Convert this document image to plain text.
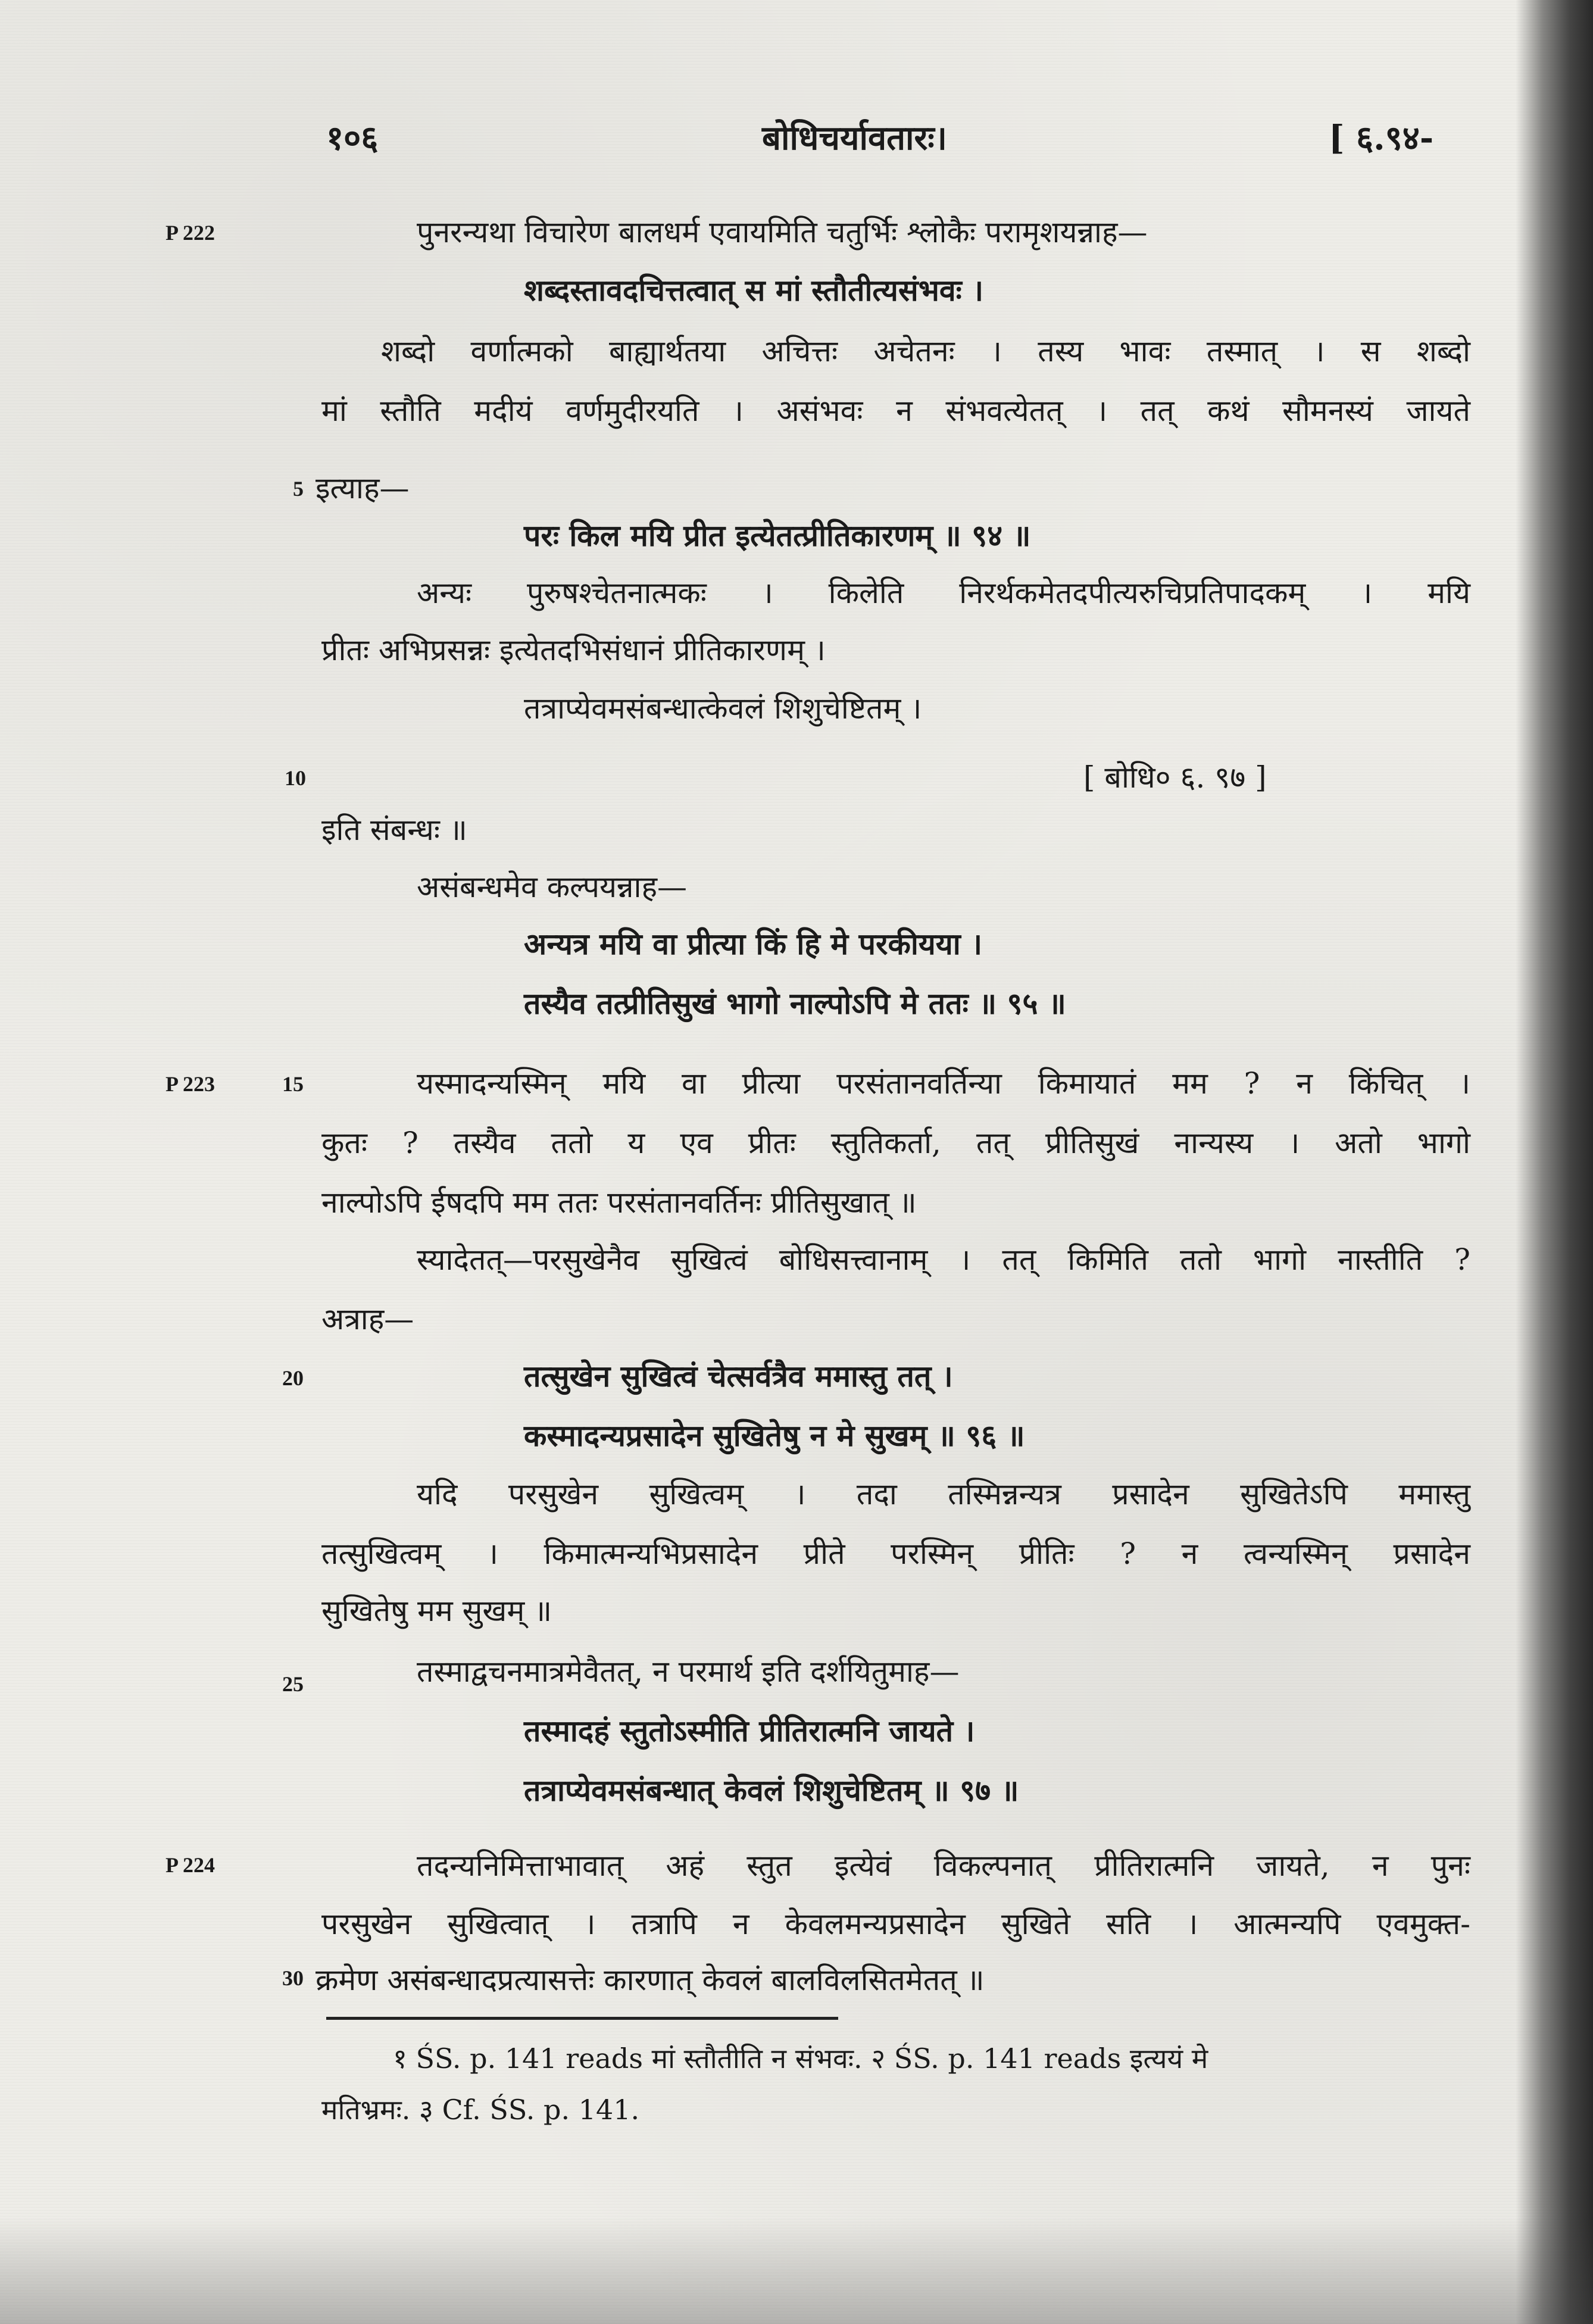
१०६	बोधिचर्यावतारः।	[ ६.९४-
P 222
P 223
P 224
5
10
15
20
25
30
पुनरन्यथा विचारेण बालधर्म एवायमिति चतुर्भिः श्लोकैः परामृशयन्नाह—
शब्दस्तावदचित्तत्वात् स मां स्तौतीत्यसंभवः ।
शब्दो वर्णात्मको बाह्यार्थतया अचित्तः अचेतनः । तस्य भावः तस्मात् । स शब्दो
मां स्तौति मदीयं वर्णमुदीरयति । असंभवः न संभवत्येतत् । तत् कथं सौमनस्यं जायते
इत्याह—
परः किल मयि प्रीत इत्येतत्प्रीतिकारणम् ॥ ९४ ॥
अन्यः पुरुषश्चेतनात्मकः । किलेति निरर्थकमेतदपीत्यरुचिप्रतिपादकम् । मयि
प्रीतः अभिप्रसन्नः इत्येतदभिसंधानं प्रीतिकारणम् ।
तत्राप्येवमसंबन्धात्केवलं शिशुचेष्टितम् ।
[ बोधि० ६. ९७ ]
इति संबन्धः ॥
असंबन्धमेव कल्पयन्नाह—
अन्यत्र मयि वा प्रीत्या किं हि मे परकीयया ।
तस्यैव तत्प्रीतिसुखं भागो नाल्पोऽपि मे ततः ॥ ९५ ॥
यस्मादन्यस्मिन् मयि वा प्रीत्या परसंतानवर्तिन्या किमायातं मम ? न किंचित् ।
कुतः ? तस्यैव ततो य एव प्रीतः स्तुतिकर्ता, तत् प्रीतिसुखं नान्यस्य । अतो भागो
नाल्पोऽपि ईषदपि मम ततः परसंतानवर्तिनः प्रीतिसुखात् ॥
स्यादेतत्—परसुखेनैव सुखित्वं बोधिसत्त्वानाम् । तत् किमिति ततो भागो नास्तीति ?
अत्राह—
तत्सुखेन सुखित्वं चेत्सर्वत्रैव ममास्तु तत् ।
कस्मादन्यप्रसादेन सुखितेषु न मे सुखम् ॥ ९६ ॥
यदि परसुखेन सुखित्वम् । तदा तस्मिन्नन्यत्र प्रसादेन सुखितेऽपि ममास्तु
तत्सुखित्वम् । किमात्मन्यभिप्रसादेन प्रीते परस्मिन् प्रीतिः ? न त्वन्यस्मिन् प्रसादेन
सुखितेषु मम सुखम् ॥
तस्माद्वचनमात्रमेवैतत्, न परमार्थ इति दर्शयितुमाह—
तस्मादहं स्तुतोऽस्मीति प्रीतिरात्मनि जायते ।
तत्राप्येवमसंबन्धात् केवलं शिशुचेष्टितम् ॥ ९७ ॥
तदन्यनिमित्ताभावात् अहं स्तुत इत्येवं विकल्पनात् प्रीतिरात्मनि जायते, न पुनः
परसुखेन सुखित्वात् । तत्रापि न केवलमन्यप्रसादेन सुखिते सति । आत्मन्यपि एवमुक्त-
क्रमेण असंबन्धादप्रत्यासत्तेः कारणात् केवलं बालविलसितमेतत् ॥
१ ŚS. p. 141 reads मां स्तौतीति न संभवः. २ ŚS. p. 141 reads इत्ययं मे
मतिभ्रमः. ३ Cf. ŚS. p. 141.
